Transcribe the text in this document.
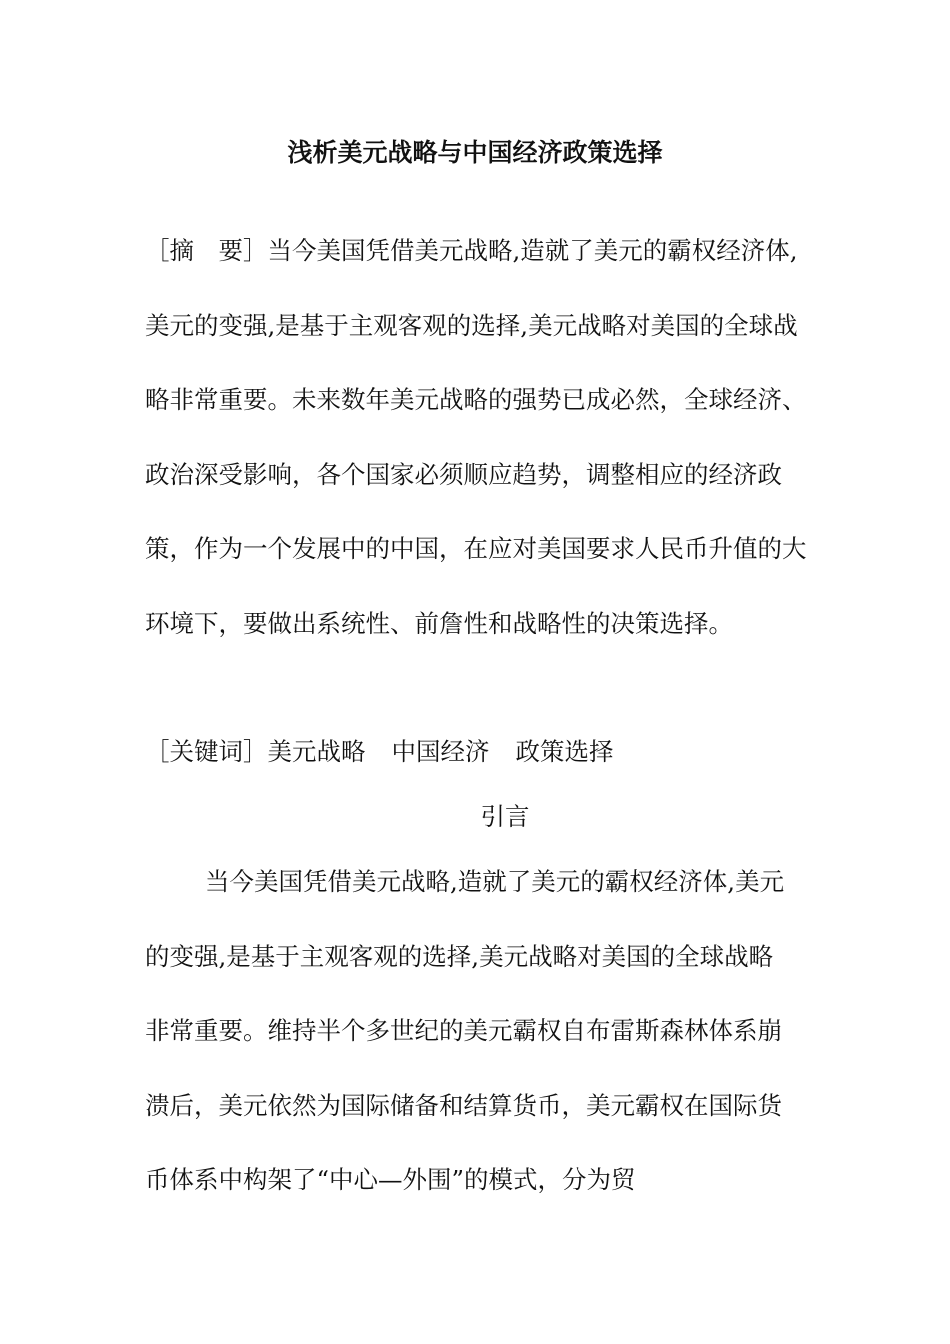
浅析美元战略与中国经济政策选择

［摘　要］当今美国凭借美元战略,造就了美元的霸权经济体,美元的变强,是基于主观客观的选择,美元战略对美国的全球战略非常重要。未来数年美元战略的强势已成必然，全球经济、政治深受影响，各个国家必须顺应趋势，调整相应的经济政策，作为一个发展中的中国，在应对美国要求人民币升值的大环境下，要做出系统性、前詹性和战略性的决策选择。

［关键词］美元战略 中国经济 政策选择

引言

当今美国凭借美元战略,造就了美元的霸权经济体,美元的变强,是基于主观客观的选择,美元战略对美国的全球战略非常重要。维持半个多世纪的美元霸权自布雷斯森林体系崩溃后，美元依然为国际储备和结算货币，美元霸权在国际货币体系中构架了“中心—外围”的模式，分为贸
